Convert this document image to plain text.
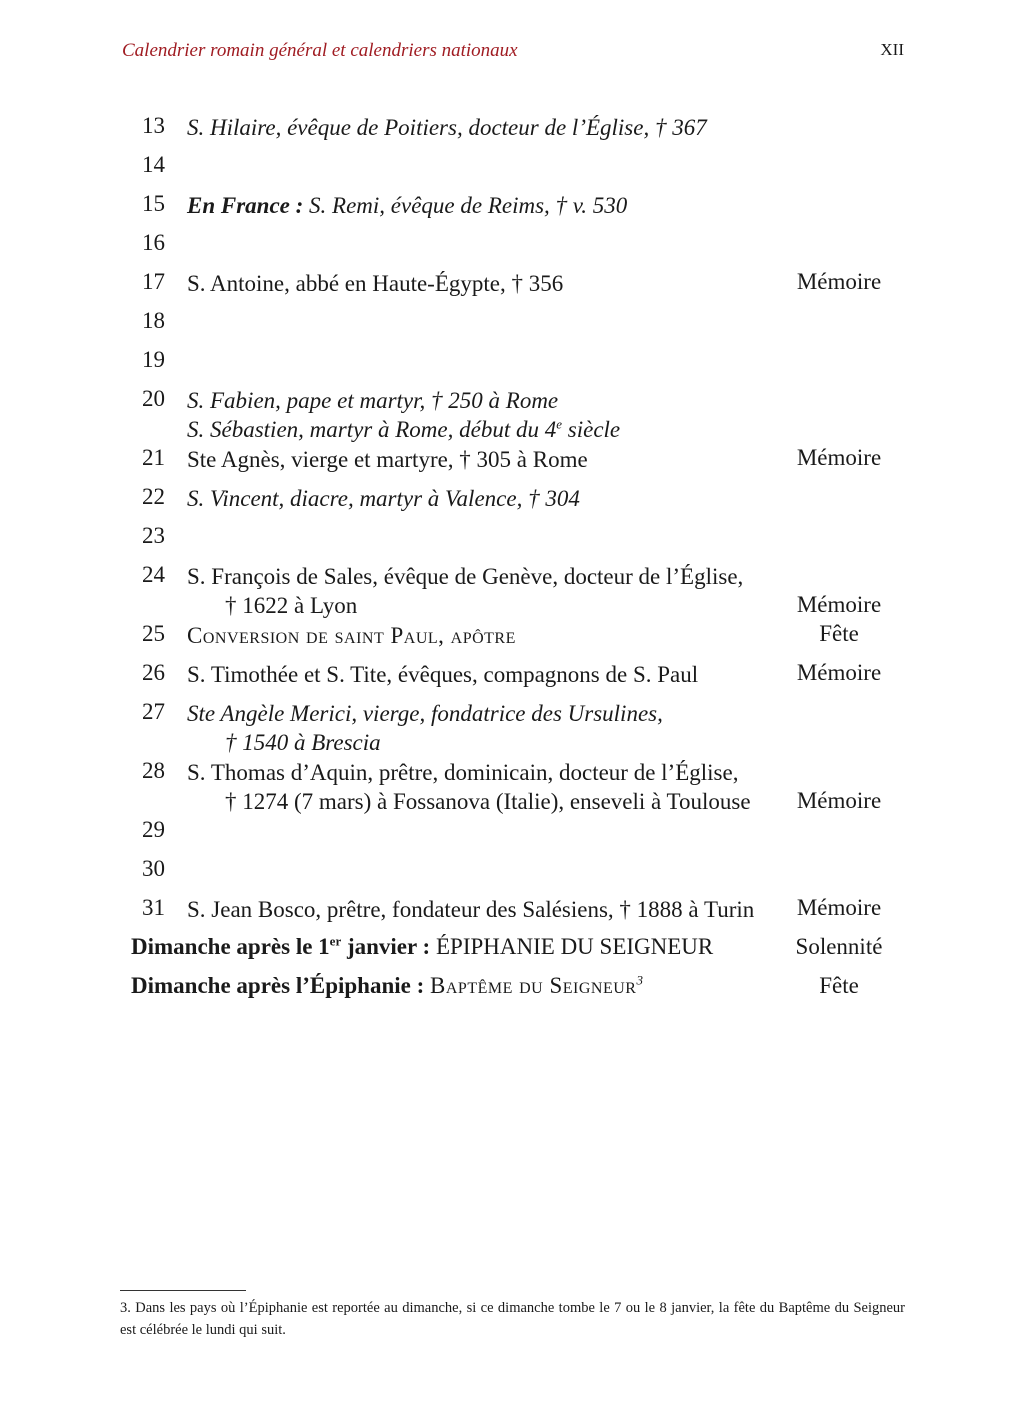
Calendrier romain général et calendriers nationaux	XII
13 S. Hilaire, évêque de Poitiers, docteur de l’Église, † 367
14
15 En France : S. Remi, évêque de Reims, † v. 530
16
17 S. Antoine, abbé en Haute-Égypte, † 356	Mémoire
18
19
20 S. Fabien, pape et martyr, † 250 à Rome
S. Sébastien, martyr à Rome, début du 4e siècle
21 Ste Agnès, vierge et martyre, † 305 à Rome	Mémoire
22 S. Vincent, diacre, martyr à Valence, † 304
23
24 S. François de Sales, évêque de Genève, docteur de l’Église,
† 1622 à Lyon	Mémoire
25 Conversion de saint Paul, apôtre	Fête
26 S. Timothée et S. Tite, évêques, compagnons de S. Paul	Mémoire
27 Ste Angèle Merici, vierge, fondatrice des Ursulines,
† 1540 à Brescia
28 S. Thomas d’Aquin, prêtre, dominicain, docteur de l’Église,
† 1274 (7 mars) à Fossanova (Italie), enseveli à Toulouse	Mémoire
29
30
31 S. Jean Bosco, prêtre, fondateur des Salésiens, † 1888 à Turin	Mémoire
Dimanche après le 1er janvier : ÉPIPHANIE DU SEIGNEUR	Solennité
Dimanche après l’Épiphanie : Baptême du Seigneur$^3$	Fête
3. Dans les pays où l’Épiphanie est reportée au dimanche, si ce dimanche tombe le 7 ou le 8 janvier, la fête du Baptême du Seigneur est célébrée le lundi qui suit.
